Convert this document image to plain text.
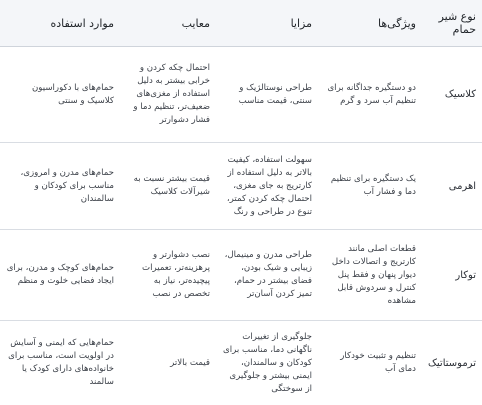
نوع شیر حمام	ویژگی‌ها	مزایا	معایب	موارد استفاده
کلاسیک	دو دستگیره جداگانه برای تنظیم آب سرد و گرم	طراحی نوستالژیک و سنتی، قیمت مناسب	احتمال چکه کردن و خرابی بیشتر به دلیل استفاده از مغزی‌های ضعیف‌تر، تنظیم دما و فشار دشوارتر	حمام‌های با دکوراسیون کلاسیک و سنتی
اهرمی	یک دستگیره برای تنظیم دما و فشار آب	سهولت استفاده، کیفیت بالاتر به دلیل استفاده از کارتریج به جای مغزی، احتمال چکه کردن کمتر، تنوع در طراحی و رنگ	قیمت بیشتر نسبت به شیرآلات کلاسیک	حمام‌های مدرن و امروزی، مناسب برای کودکان و سالمندان
توکار	قطعات اصلی مانند کارتریج و اتصالات داخل دیوار پنهان و فقط پنل کنترل و سردوش قابل مشاهده	طراحی مدرن و مینیمال، زیبایی و شیک بودن، فضای بیشتر در حمام، تمیز کردن آسان‌تر	نصب دشوارتر و پرهزینه‌تر، تعمیرات پیچیده‌تر، نیاز به تخصص در نصب	حمام‌های کوچک و مدرن، برای ایجاد فضایی خلوت و منظم
ترموستاتیک	تنظیم و تثبیت خودکار دمای آب	جلوگیری از تغییرات ناگهانی دما، مناسب برای کودکان و سالمندان، ایمنی بیشتر و جلوگیری از سوختگی	قیمت بالاتر	حمام‌هایی که ایمنی و آسایش در اولویت است، مناسب برای خانواده‌های دارای کودک یا سالمند
